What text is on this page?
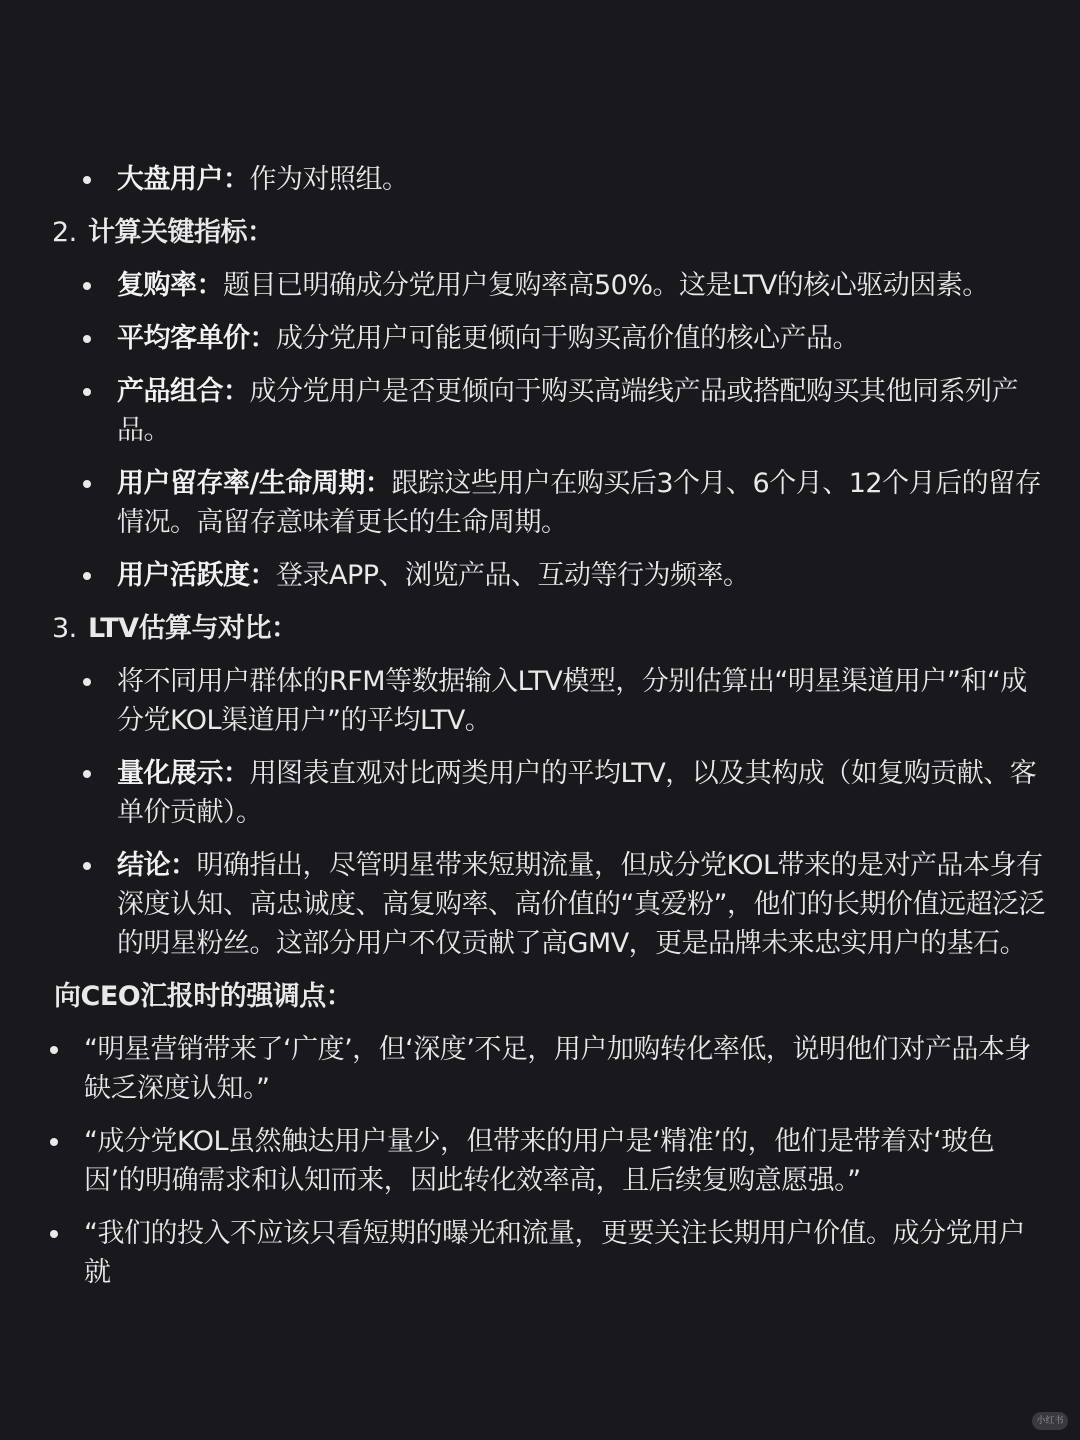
大盘用户：作为对照组。
2. 计算关键指标：
复购率：题目已明确成分党用户复购率高50%。这是LTV的核心驱动因素。
平均客单价：成分党用户可能更倾向于购买高价值的核心产品。
产品组合：成分党用户是否更倾向于购买高端线产品或搭配购买其他同系列产品。
用户留存率/生命周期：跟踪这些用户在购买后3个月、6个月、12个月后的留存情况。高留存意味着更长的生命周期。
用户活跃度：登录APP、浏览产品、互动等行为频率。
3. LTV估算与对比：
将不同用户群体的RFM等数据输入LTV模型，分别估算出“明星渠道用户”和“成分党KOL渠道用户”的平均LTV。
量化展示：用图表直观对比两类用户的平均LTV，以及其构成（如复购贡献、客单价贡献）。
结论：明确指出，尽管明星带来短期流量，但成分党KOL带来的是对产品本身有深度认知、高忠诚度、高复购率、高价值的“真爱粉”，他们的长期价值远超泛泛的明星粉丝。这部分用户不仅贡献了高GMV，更是品牌未来忠实用户的基石。
向CEO汇报时的强调点：
“明星营销带来了‘广度’，但‘深度’不足，用户加购转化率低，说明他们对产品本身缺乏深度认知。”
“成分党KOL虽然触达用户量少，但带来的用户是‘精准’的，他们是带着对‘玻色因’的明确需求和认知而来，因此转化效率高，且后续复购意愿强。”
“我们的投入不应该只看短期的曝光和流量，更要关注长期用户价值。成分党用户就
小红书
